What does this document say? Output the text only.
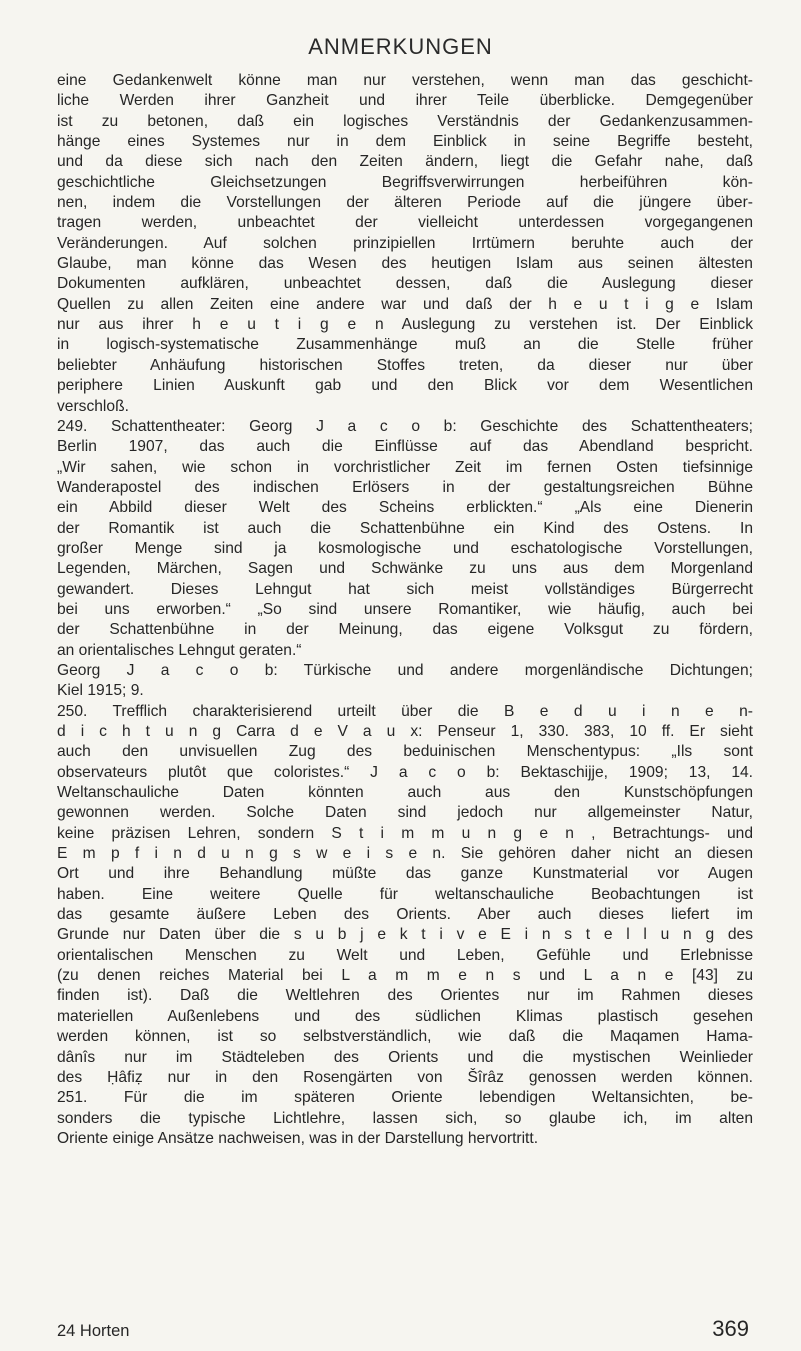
ANMERKUNGEN
eine Gedankenwelt könne man nur verstehen, wenn man das geschicht-
liche Werden ihrer Ganzheit und ihrer Teile überblicke. Demgegenüber
ist zu betonen, daß ein logisches Verständnis der Gedankenzusammen-
hänge eines Systemes nur in dem Einblick in seine Begriffe besteht,
und da diese sich nach den Zeiten ändern, liegt die Gefahr nahe, daß
geschichtliche Gleichsetzungen Begriffsverwirrungen herbeiführen kön-
nen, indem die Vorstellungen der älteren Periode auf die jüngere über-
tragen werden, unbeachtet der vielleicht unterdessen vorgegangenen
Veränderungen. Auf solchen prinzipiellen Irrtümern beruhte auch der
Glaube, man könne das Wesen des heutigen Islam aus seinen ältesten
Dokumenten aufklären, unbeachtet dessen, daß die Auslegung dieser
Quellen zu allen Zeiten eine andere war und daß der h e u t i g e Islam
nur aus ihrer h e u t i g e n Auslegung zu verstehen ist. Der Einblick
in logisch-systematische Zusammenhänge muß an die Stelle früher
beliebter Anhäufung historischen Stoffes treten, da dieser nur über
periphere Linien Auskunft gab und den Blick vor dem Wesentlichen
verschloß.
249. Schattentheater: Georg J a c o b: Geschichte des Schattentheaters;
Berlin 1907, das auch die Einflüsse auf das Abendland bespricht.
„Wir sahen, wie schon in vorchristlicher Zeit im fernen Osten tiefsinnige
Wanderapostel des indischen Erlösers in der gestaltungsreichen Bühne
ein Abbild dieser Welt des Scheins erblickten.“ „Als eine Dienerin
der Romantik ist auch die Schattenbühne ein Kind des Ostens. In
großer Menge sind ja kosmologische und eschatologische Vorstellungen,
Legenden, Märchen, Sagen und Schwänke zu uns aus dem Morgenland
gewandert. Dieses Lehngut hat sich meist vollständiges Bürgerrecht
bei uns erworben.“ „So sind unsere Romantiker, wie häufig, auch bei
der Schattenbühne in der Meinung, das eigene Volksgut zu fördern,
an orientalisches Lehngut geraten.“
Georg J a c o b: Türkische und andere morgenländische Dichtungen;
Kiel 1915; 9.
250. Trefflich charakterisierend urteilt über die B e d u i n e n-
d i c h t u n g Carra d e V a u x: Penseur 1, 330. 383, 10 ff. Er sieht
auch den unvisuellen Zug des beduinischen Menschentypus: „Ils sont
observateurs plutôt que coloristes.“ J a c o b: Bektaschijje, 1909; 13, 14.
Weltanschauliche Daten könnten auch aus den Kunstschöpfungen
gewonnen werden. Solche Daten sind jedoch nur allgemeinster Natur,
keine präzisen Lehren, sondern S t i m m u n g e n , Betrachtungs- und
E m p f i n d u n g s w e i s e n. Sie gehören daher nicht an diesen
Ort und ihre Behandlung müßte das ganze Kunstmaterial vor Augen
haben. Eine weitere Quelle für weltanschauliche Beobachtungen ist
das gesamte äußere Leben des Orients. Aber auch dieses liefert im
Grunde nur Daten über die s u b j e k t i v e E i n s t e l l u n g des
orientalischen Menschen zu Welt und Leben, Gefühle und Erlebnisse
(zu denen reiches Material bei L a m m e n s und L a n e [43] zu
finden ist). Daß die Weltlehren des Orientes nur im Rahmen dieses
materiellen Außenlebens und des südlichen Klimas plastisch gesehen
werden können, ist so selbstverständlich, wie daß die Maqamen Hama-
dânîs nur im Städteleben des Orients und die mystischen Weinlieder
des Ḥâfiẓ nur in den Rosengärten von Šîrâz genossen werden können.
251. Für die im späteren Oriente lebendigen Weltansichten, be-
sonders die typische Lichtlehre, lassen sich, so glaube ich, im alten
Oriente einige Ansätze nachweisen, was in der Darstellung hervortritt.
24 Horten	369
